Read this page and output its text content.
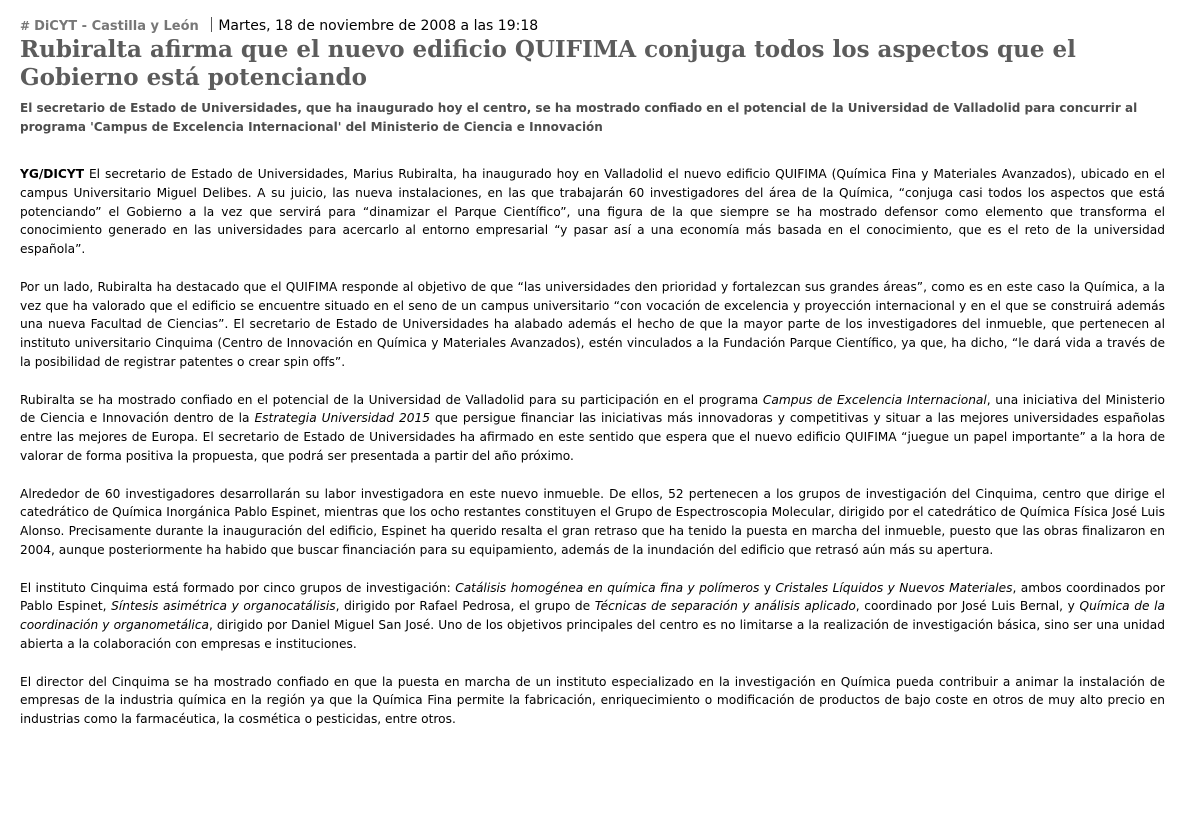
# DiCYT - Castilla y León Martes, 18 de noviembre de 2008 a las 19:18
Rubiralta afirma que el nuevo edificio QUIFIMA conjuga todos los aspectos que el Gobierno está potenciando
El secretario de Estado de Universidades, que ha inaugurado hoy el centro, se ha mostrado confiado en el potencial de la Universidad de Valladolid para concurrir al programa 'Campus de Excelencia Internacional' del Ministerio de Ciencia e Innovación

YG/DICYT El secretario de Estado de Universidades, Marius Rubiralta, ha inaugurado hoy en Valladolid el nuevo edificio QUIFIMA (Química Fina y Materiales Avanzados), ubicado en el campus Universitario Miguel Delibes. A su juicio, las nueva instalaciones, en las que trabajarán 60 investigadores del área de la Química, “conjuga casi todos los aspectos que está potenciando” el Gobierno a la vez que servirá para “dinamizar el Parque Científico”, una figura de la que siempre se ha mostrado defensor como elemento que transforma el conocimiento generado en las universidades para acercarlo al entorno empresarial “y pasar así a una economía más basada en el conocimiento, que es el reto de la universidad española”.

Por un lado, Rubiralta ha destacado que el QUIFIMA responde al objetivo de que “las universidades den prioridad y fortalezcan sus grandes áreas”, como es en este caso la Química, a la vez que ha valorado que el edificio se encuentre situado en el seno de un campus universitario “con vocación de excelencia y proyección internacional y en el que se construirá además una nueva Facultad de Ciencias”. El secretario de Estado de Universidades ha alabado además el hecho de que la mayor parte de los investigadores del inmueble, que pertenecen al instituto universitario Cinquima (Centro de Innovación en Química y Materiales Avanzados), estén vinculados a la Fundación Parque Científico, ya que, ha dicho, “le dará vida a través de la posibilidad de registrar patentes o crear spin offs”.

Rubiralta se ha mostrado confiado en el potencial de la Universidad de Valladolid para su participación en el programa Campus de Excelencia Internacional, una iniciativa del Ministerio de Ciencia e Innovación dentro de la Estrategia Universidad 2015 que persigue financiar las iniciativas más innovadoras y competitivas y situar a las mejores universidades españolas entre las mejores de Europa. El secretario de Estado de Universidades ha afirmado en este sentido que espera que el nuevo edificio QUIFIMA “juegue un papel importante” a la hora de valorar de forma positiva la propuesta, que podrá ser presentada a partir del año próximo.

Alrededor de 60 investigadores desarrollarán su labor investigadora en este nuevo inmueble. De ellos, 52 pertenecen a los grupos de investigación del Cinquima, centro que dirige el catedrático de Química Inorgánica Pablo Espinet, mientras que los ocho restantes constituyen el Grupo de Espectroscopia Molecular, dirigido por el catedrático de Química Física José Luis Alonso. Precisamente durante la inauguración del edificio, Espinet ha querido resalta el gran retraso que ha tenido la puesta en marcha del inmueble, puesto que las obras finalizaron en 2004, aunque posteriormente ha habido que buscar financiación para su equipamiento, además de la inundación del edificio que retrasó aún más su apertura.

El instituto Cinquima está formado por cinco grupos de investigación: Catálisis homogénea en química fina y polímeros y Cristales Líquidos y Nuevos Materiales, ambos coordinados por Pablo Espinet, Síntesis asimétrica y organocatálisis, dirigido por Rafael Pedrosa, el grupo de Técnicas de separación y análisis aplicado, coordinado por José Luis Bernal, y Química de la coordinación y organometálica, dirigido por Daniel Miguel San José. Uno de los objetivos principales del centro es no limitarse a la realización de investigación básica, sino ser una unidad abierta a la colaboración con empresas e instituciones.

El director del Cinquima se ha mostrado confiado en que la puesta en marcha de un instituto especializado en la investigación en Química pueda contribuir a animar la instalación de empresas de la industria química en la región ya que la Química Fina permite la fabricación, enriquecimiento o modificación de productos de bajo coste en otros de muy alto precio en industrias como la farmacéutica, la cosmética o pesticidas, entre otros.
